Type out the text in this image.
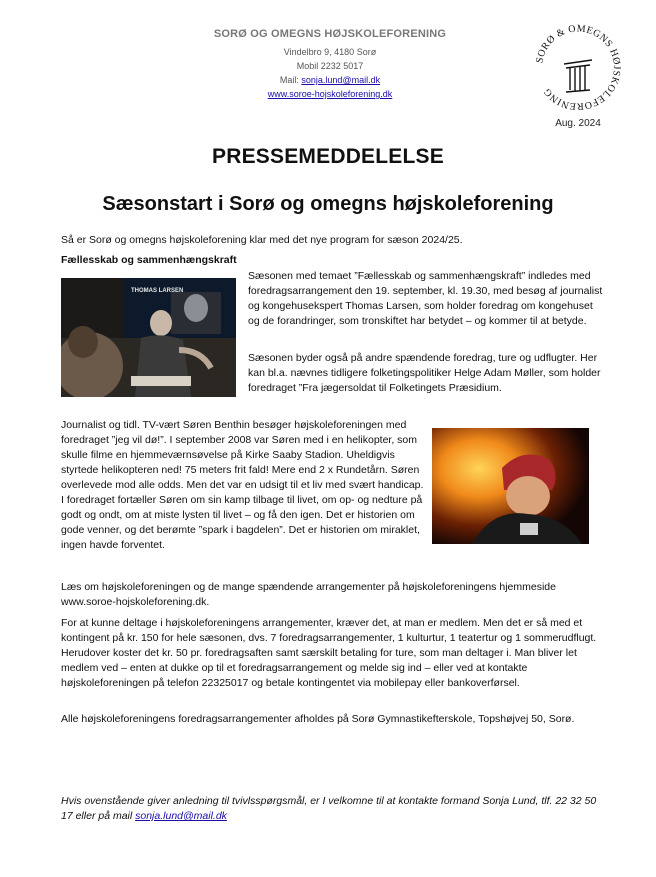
SORØ OG OMEGNS HØJSKOLEFORENING
Vindelbro 9, 4180 Sorø
Mobil 2232 5017
Mail: sonja.lund@mail.dk
www.soroe-hojskoleforening.dk
SORØ & OMEGNS HØJSKOLEFORENING
Aug. 2024
PRESSEMEDDELELSE
Sæsonstart i Sorø og omegns højskoleforening

Så er Sorø og omegns højskoleforening klar med det nye program for sæson 2024/25.

Fællesskab og sammenhængskraft

THOMAS LARSEN

Sæsonen med temaet ”Fællesskab og sammenhængskraft” indledes med foredragsarrangement den 19. september, kl. 19.30, med besøg af journalist og kongehusekspert Thomas Larsen, som holder foredrag om kongehuset og de forandringer, som tronskiftet har betydet – og kommer til at betyde.

Sæsonen byder også på andre spændende foredrag, ture og udflugter. Her kan bl.a. nævnes tidligere folketingspolitiker Helge Adam Møller, som holder foredraget ”Fra jægersoldat til Folketingets Præsidium.

Journalist og tidl. TV-vært Søren Benthin besøger højskoleforeningen med foredraget ”jeg vil dø!”. I september 2008 var Søren med i en helikopter, som skulle filme en hjemmeværnsøvelse på Kirke Saaby Stadion. Uheldigvis styrtede helikopteren ned! 75 meters frit fald! Mere end 2 x Rundetårn. Søren overlevede mod alle odds. Men det var en udsigt til et liv med svært handicap. I foredraget fortæller Søren om sin kamp tilbage til livet, om op- og nedture på godt og ondt, om at miste lysten til livet – og få den igen. Det er historien om gode venner, og det berømte ”spark i bagdelen”. Det er historien om miraklet, ingen havde forventet.

Læs om højskoleforeningen og de mange spændende arrangementer på højskoleforeningens hjemmeside www.soroe-hojskoleforening.dk.

For at kunne deltage i højskoleforeningens arrangementer, kræver det, at man er medlem. Men det er så med et kontingent på kr. 150 for hele sæsonen, dvs. 7 foredragsarrangementer, 1 kulturtur, 1 teatertur og 1 sommerudflugt. Herudover koster det kr. 50 pr. foredragsaften samt særskilt betaling for ture, som man deltager i. Man bliver let medlem ved – enten at dukke op til et foredragsarrangement og melde sig ind – eller ved at kontakte højskoleforeningen på telefon 22325017 og betale kontingentet via mobilepay eller bankoverførsel.

Alle højskoleforeningens foredragsarrangementer afholdes på Sorø Gymnastikefterskole, Topshøjvej 50, Sorø.

Hvis ovenstående giver anledning til tvivlsspørgsmål, er I velkomne til at kontakte formand Sonja Lund, tlf. 22 32 50 17 eller på mail sonja.lund@mail.dk
